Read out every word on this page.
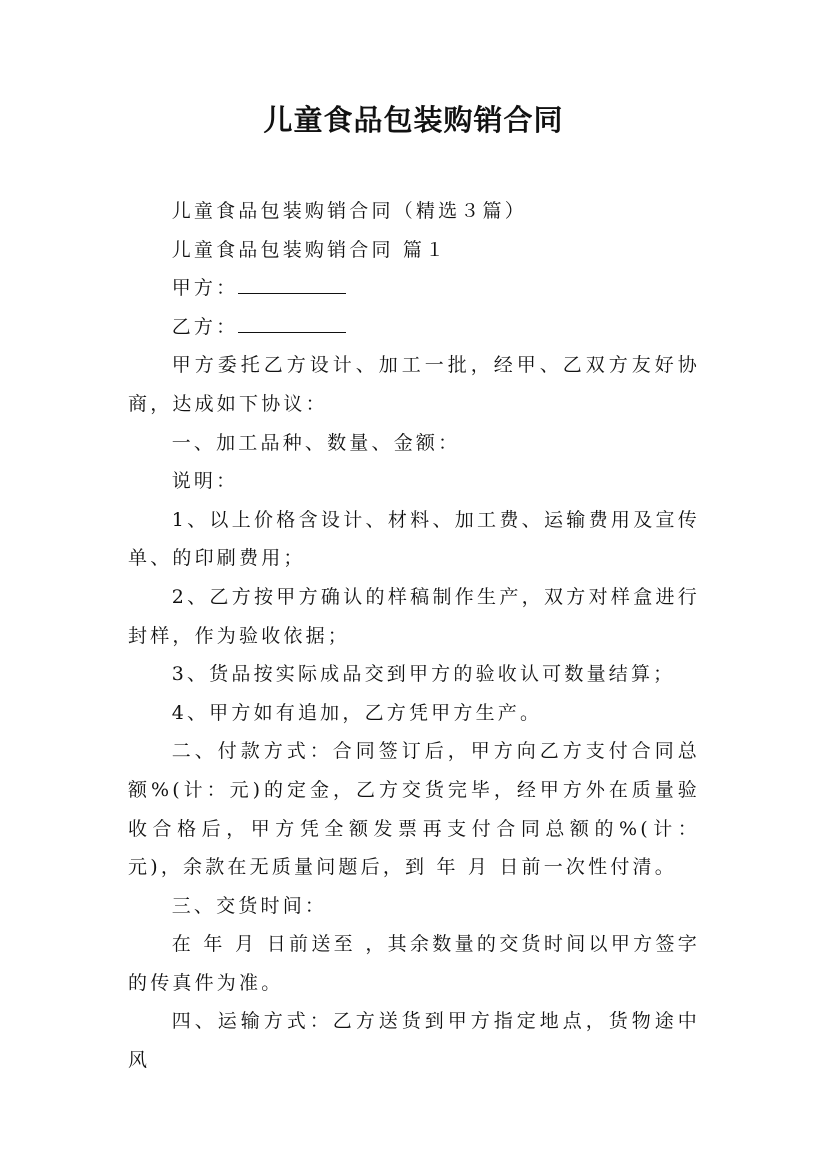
儿童食品包装购销合同

儿童食品包装购销合同（精选３篇）

儿童食品包装购销合同 篇１

甲方：

乙方：

甲方委托乙方设计、加工一批，经甲、乙双方友好协商，达成如下协议：

一、加工品种、数量、金额：

说明：

1、以上价格含设计、材料、加工费、运输费用及宣传单、的印刷费用；

2、乙方按甲方确认的样稿制作生产，双方对样盒进行封样，作为验收依据；

3、货品按实际成品交到甲方的验收认可数量结算；

4、甲方如有追加，乙方凭甲方生产。

二、付款方式：合同签订后，甲方向乙方支付合同总额%(计：元)的定金，乙方交货完毕，经甲方外在质量验收合格后，甲方凭全额发票再支付合同总额的%(计：元)，余款在无质量问题后，到 年 月 日前一次性付清。

三、交货时间：

在 年 月 日前送至 ，其余数量的交货时间以甲方签字的传真件为准。

四、运输方式：乙方送货到甲方指定地点，货物途中风
